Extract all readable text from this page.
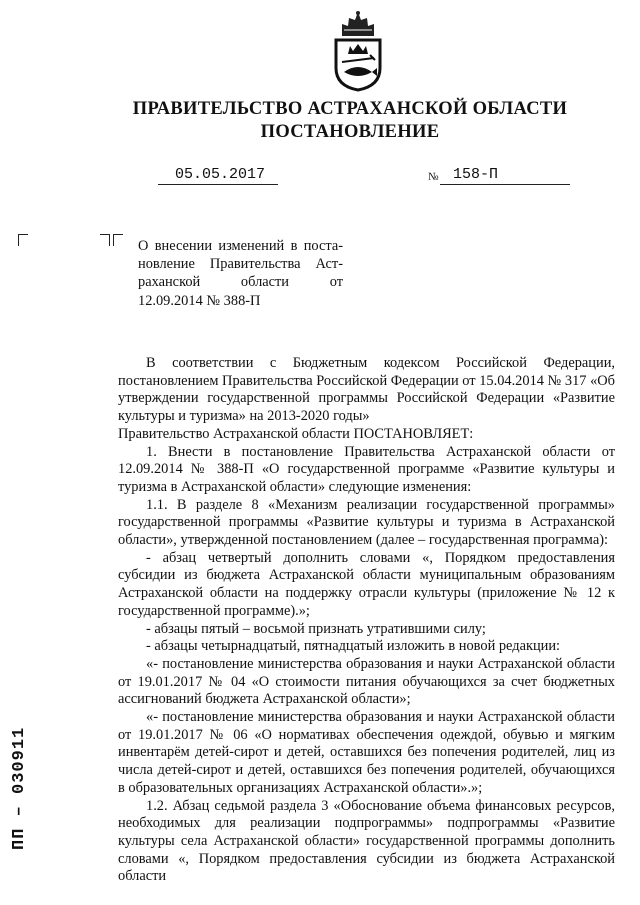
ПРАВИТЕЛЬСТВО АСТРАХАНСКОЙ ОБЛАСТИ
ПОСТАНОВЛЕНИЕ
05.05.2017	№ 158-П
О внесении изменений в поста-
новление Правительства Аст-
раханской области от
12.09.2014 № 388-П

В соответствии с Бюджетным кодексом Российской Федерации, постановлением Правительства Российской Федерации от 15.04.2014 № 317 «Об утверждении государственной программы Российской Федерации «Развитие культуры и туризма» на 2013-2020 годы»

Правительство Астраханской области ПОСТАНОВЛЯЕТ:

1. Внести в постановление Правительства Астраханской области от 12.09.2014 № 388-П «О государственной программе «Развитие культуры и туризма в Астраханской области» следующие изменения:

1.1. В разделе 8 «Механизм реализации государственной программы» государственной программы «Развитие культуры и туризма в Астраханской области», утвержденной постановлением (далее – государственная программа):

- абзац четвертый дополнить словами «, Порядком предоставления субсидии из бюджета Астраханской области муниципальным образованиям Астраханской области на поддержку отрасли культуры (приложение № 12 к государственной программе).»;

- абзацы пятый – восьмой признать утратившими силу;

- абзацы четырнадцатый, пятнадцатый изложить в новой редакции:

«- постановление министерства образования и науки Астраханской области от 19.01.2017 № 04 «О стоимости питания обучающихся за счет бюджетных ассигнований бюджета Астраханской области»;

«- постановление министерства образования и науки Астраханской области от 19.01.2017 № 06 «О нормативах обеспечения одеждой, обувью и мягким инвентарём детей-сирот и детей, оставшихся без попечения родителей, лиц из числа детей-сирот и детей, оставшихся без попечения родителей, обучающихся в образовательных организациях Астраханской области».»;

1.2. Абзац седьмой раздела 3 «Обоснование объема финансовых ресурсов, необходимых для реализации подпрограммы» подпрограммы «Развитие культуры села Астраханской области» государственной программы дополнить словами «, Порядком предоставления субсидии из бюджета Астраханской области

ПП – 030911
